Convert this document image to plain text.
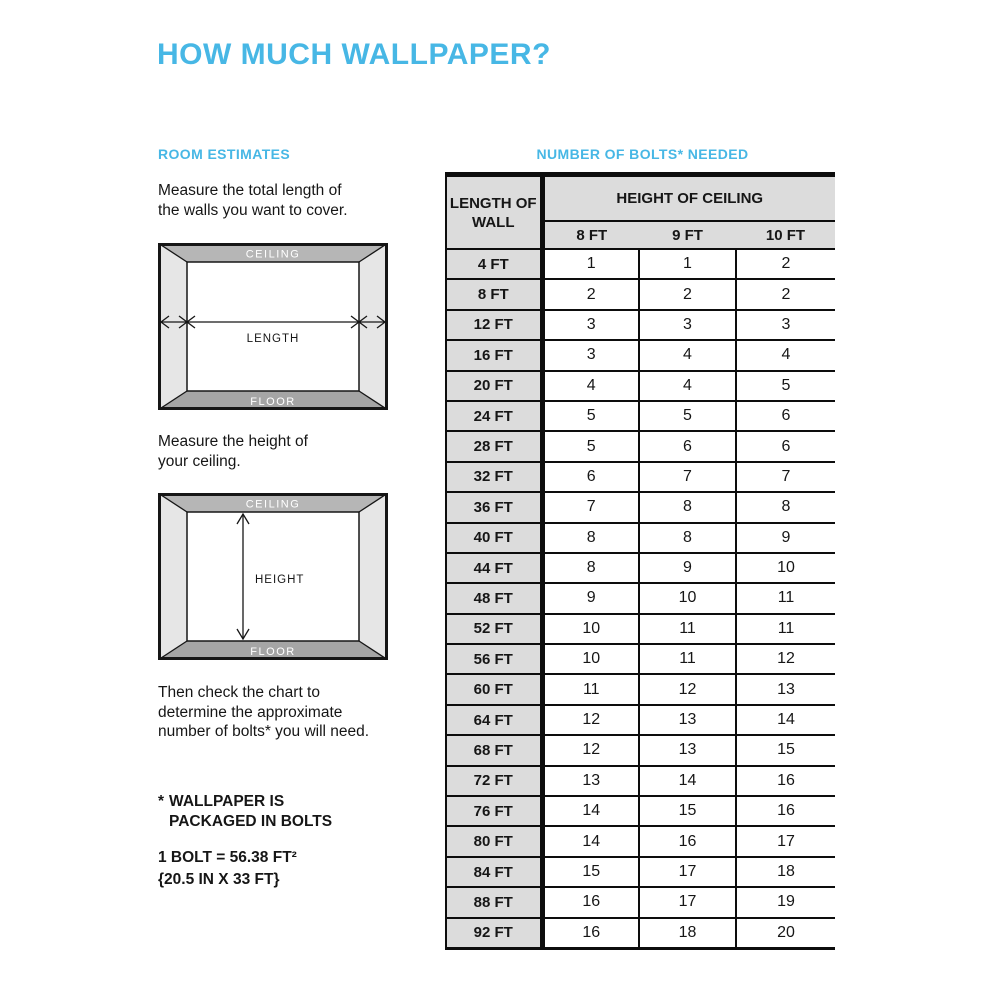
HOW MUCH WALLPAPER?
ROOM ESTIMATES

Measure the total length of
the walls you want to cover.

CEILING
FLOOR
LENGTH

Measure the height of
your ceiling.

CEILING
FLOOR
HEIGHT

Then check the chart to
determine the approximate
number of bolts* you will need.

* WALLPAPER IS
PACKAGED IN BOLTS
1 BOLT = 56.38 FT²
{20.5 IN X 33 FT}
NUMBER OF BOLTS* NEEDED
LENGTH OF WALL	HEIGHT OF CEILING		
	8 FT	9 FT	10 FT
4 FT	1	1	2
8 FT	2	2	2
12 FT	3	3	3
16 FT	3	4	4
20 FT	4	4	5
24 FT	5	5	6
28 FT	5	6	6
32 FT	6	7	7
36 FT	7	8	8
40 FT	8	8	9
44 FT	8	9	10
48 FT	9	10	11
52 FT	10	11	11
56 FT	10	11	12
60 FT	11	12	13
64 FT	12	13	14
68 FT	12	13	15
72 FT	13	14	16
76 FT	14	15	16
80 FT	14	16	17
84 FT	15	17	18
88 FT	16	17	19
92 FT	16	18	20
